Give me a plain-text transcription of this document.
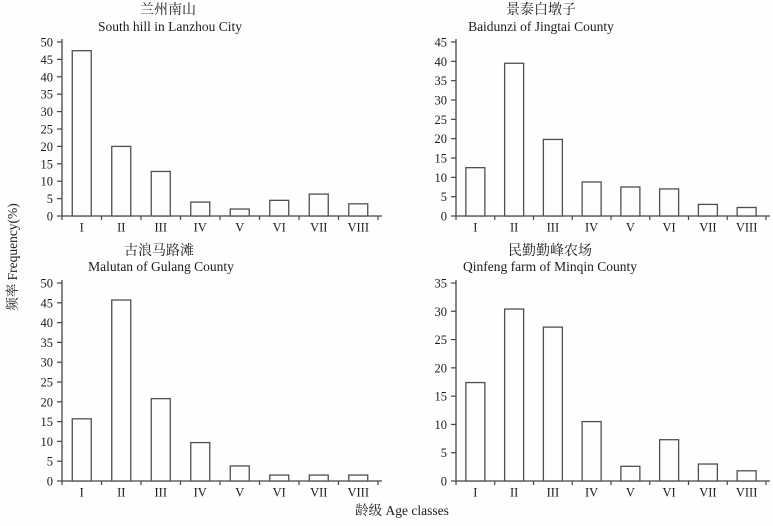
0
5
10
15
20
25
30
35
40
45
50
I	II III IV V VI VII VIII
0
5
10
15
20
25
30
35
40
45
I	II III IV V VI VII VIII
0
5
10
15
20
25
30
35
40
45
50
I	II III IV V VI VII VIII
0
5
10
15
20
25
30
35
I	II III IV V VI VII VIII
兰州南山
South hill in Lanzhou City
景泰白墩子
Baidunzi of Jingtai County
古浪马路滩
Malutan of Gulang County
民勤勤峰农场
Qinfeng farm of Minqin County
频率 Frequency(%)
龄级 Age classes
